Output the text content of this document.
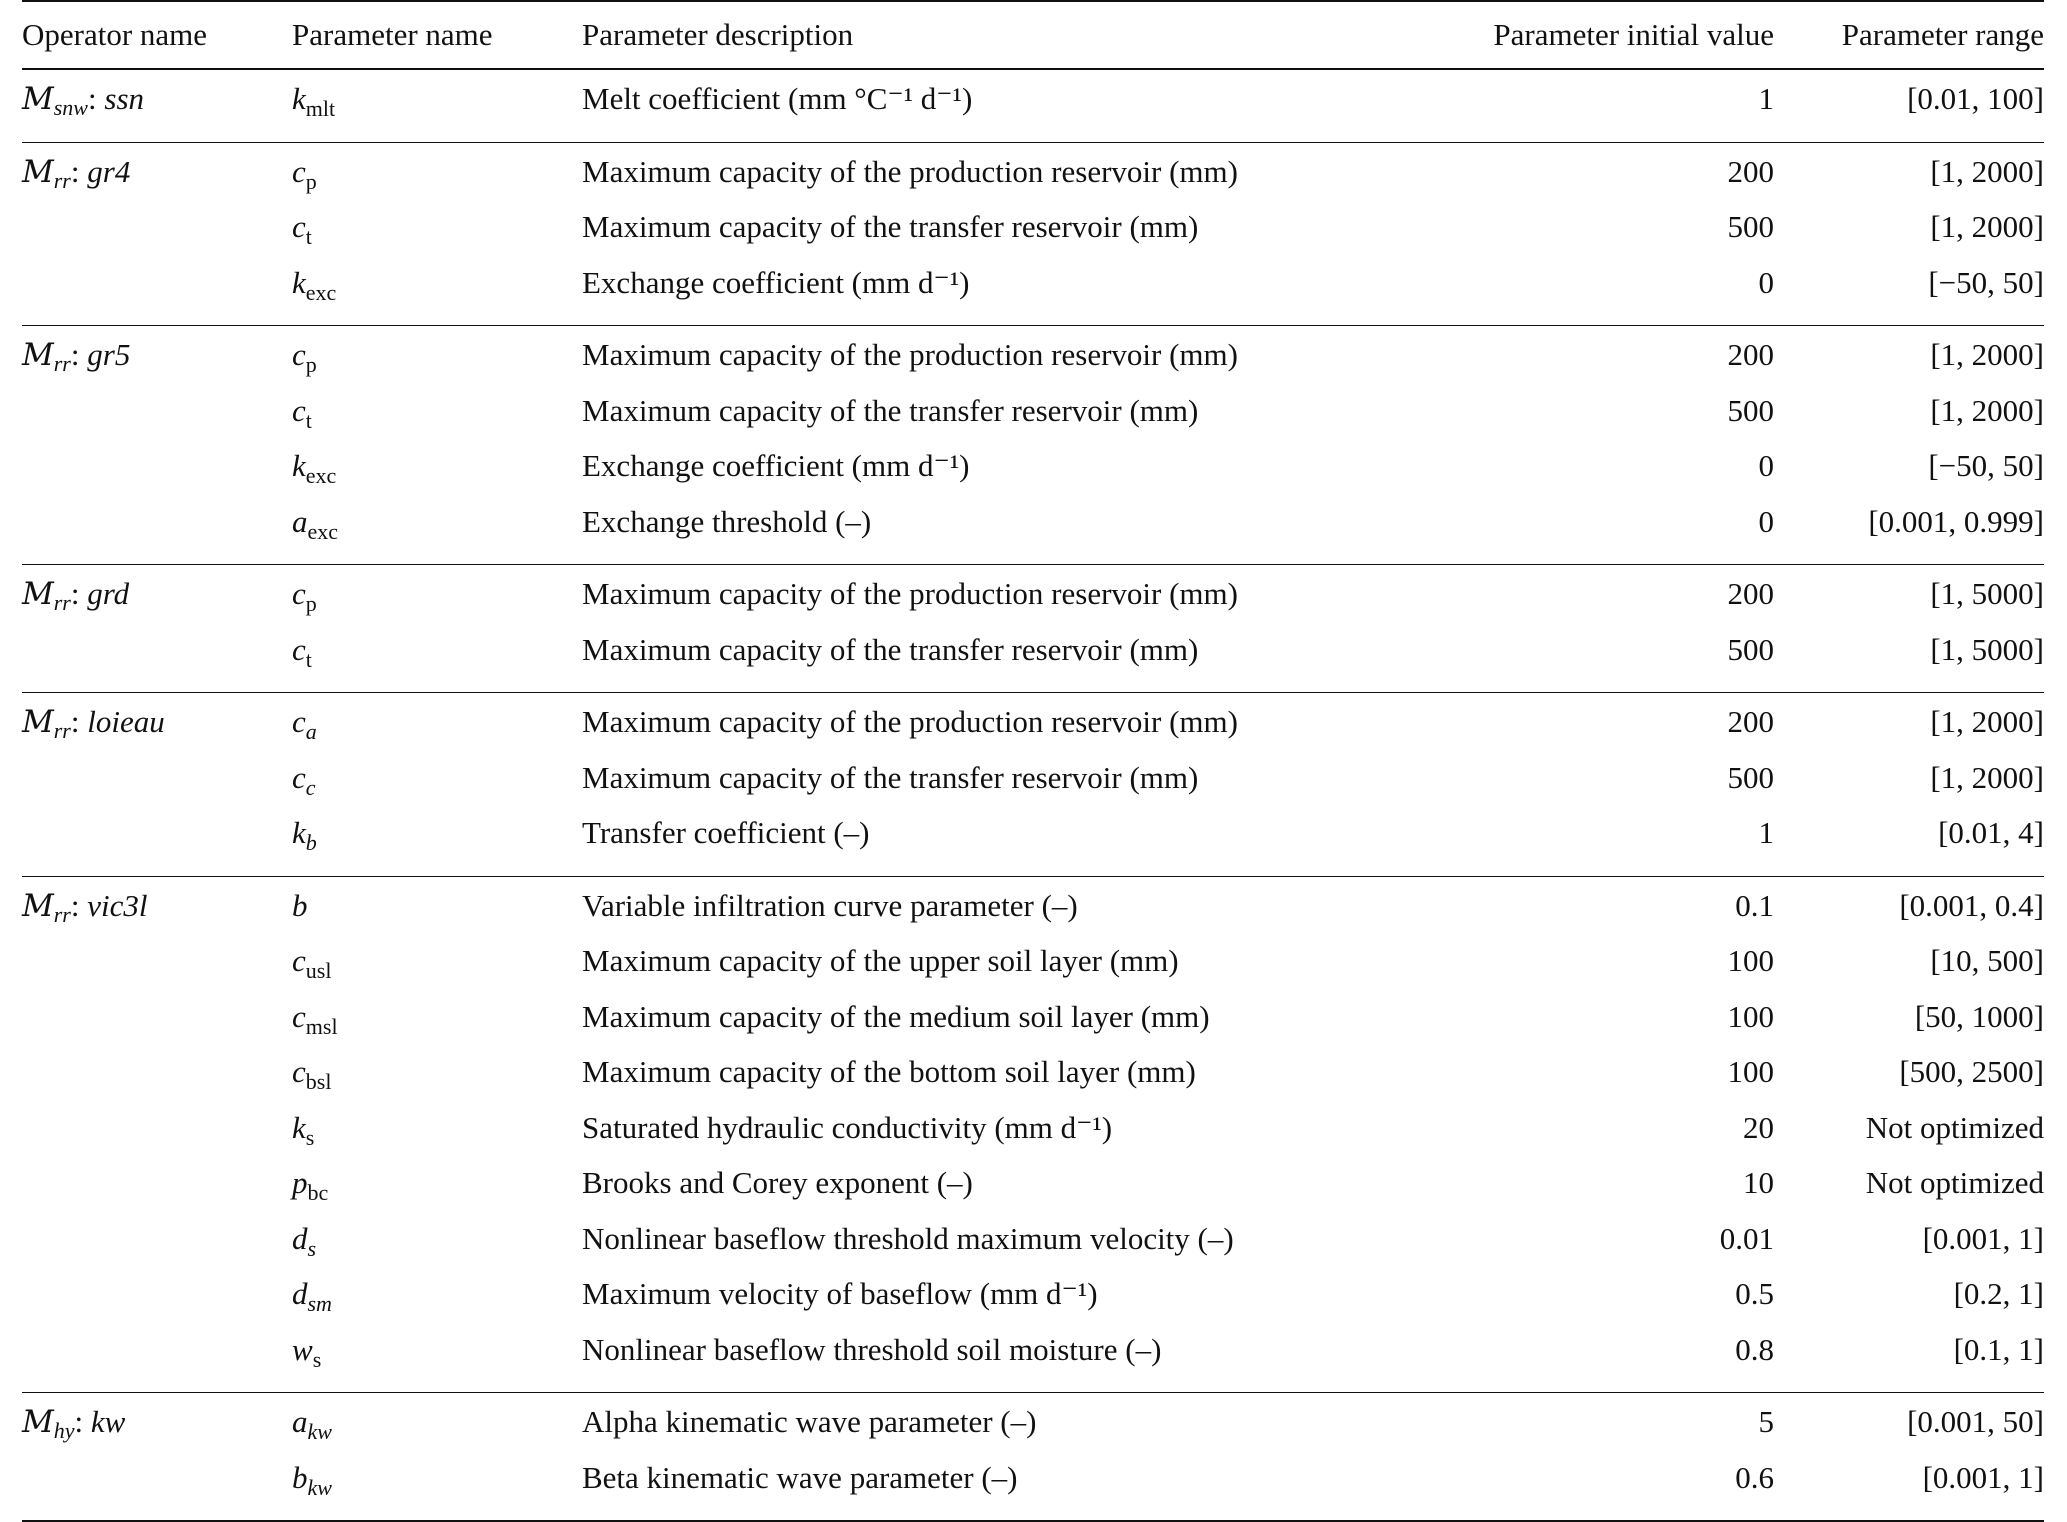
Operator name	Parameter name	Parameter description	Parameter initial value	Parameter range
Msnw: ssn	$k_{mlt}$	Melt coefficient (mm °C⁻¹ d⁻¹)	1	[0.01, 100]
Mrr: gr4	$c_p$	Maximum capacity of the production reservoir (mm)	200	[1, 2000]
	$c_t$	Maximum capacity of the transfer reservoir (mm)	500	[1, 2000]
	$k_{exc}$	Exchange coefficient (mm d⁻¹)	0	[−50, 50]
Mrr: gr5	$c_p$	Maximum capacity of the production reservoir (mm)	200	[1, 2000]
	$c_t$	Maximum capacity of the transfer reservoir (mm)	500	[1, 2000]
	$k_{exc}$	Exchange coefficient (mm d⁻¹)	0	[−50, 50]
	$a_{exc}$	Exchange threshold (–)	0	[0.001, 0.999]
Mrr: grd	$c_p$	Maximum capacity of the production reservoir (mm)	200	[1, 5000]
	$c_t$	Maximum capacity of the transfer reservoir (mm)	500	[1, 5000]
Mrr: loieau	$c_a$	Maximum capacity of the production reservoir (mm)	200	[1, 2000]
	$c_c$	Maximum capacity of the transfer reservoir (mm)	500	[1, 2000]
	$k_b$	Transfer coefficient (–)	1	[0.01, 4]
Mrr: vic3l	b	Variable infiltration curve parameter (–)	0.1	[0.001, 0.4]
	$c_{usl}$	Maximum capacity of the upper soil layer (mm)	100	[10, 500]
	$c_{msl}$	Maximum capacity of the medium soil layer (mm)	100	[50, 1000]
	$c_{bsl}$	Maximum capacity of the bottom soil layer (mm)	100	[500, 2500]
	$k_s$	Saturated hydraulic conductivity (mm d⁻¹)	20	Not optimized
	$p_{bc}$	Brooks and Corey exponent (–)	10	Not optimized
	$d_s$	Nonlinear baseflow threshold maximum velocity (–)	0.01	[0.001, 1]
	$d_{sm}$	Maximum velocity of baseflow (mm d⁻¹)	0.5	[0.2, 1]
	$w_s$	Nonlinear baseflow threshold soil moisture (–)	0.8	[0.1, 1]
Mhy: kw	$a_{kw}$	Alpha kinematic wave parameter (–)	5	[0.001, 50]
	$b_{kw}$	Beta kinematic wave parameter (–)	0.6	[0.001, 1]
